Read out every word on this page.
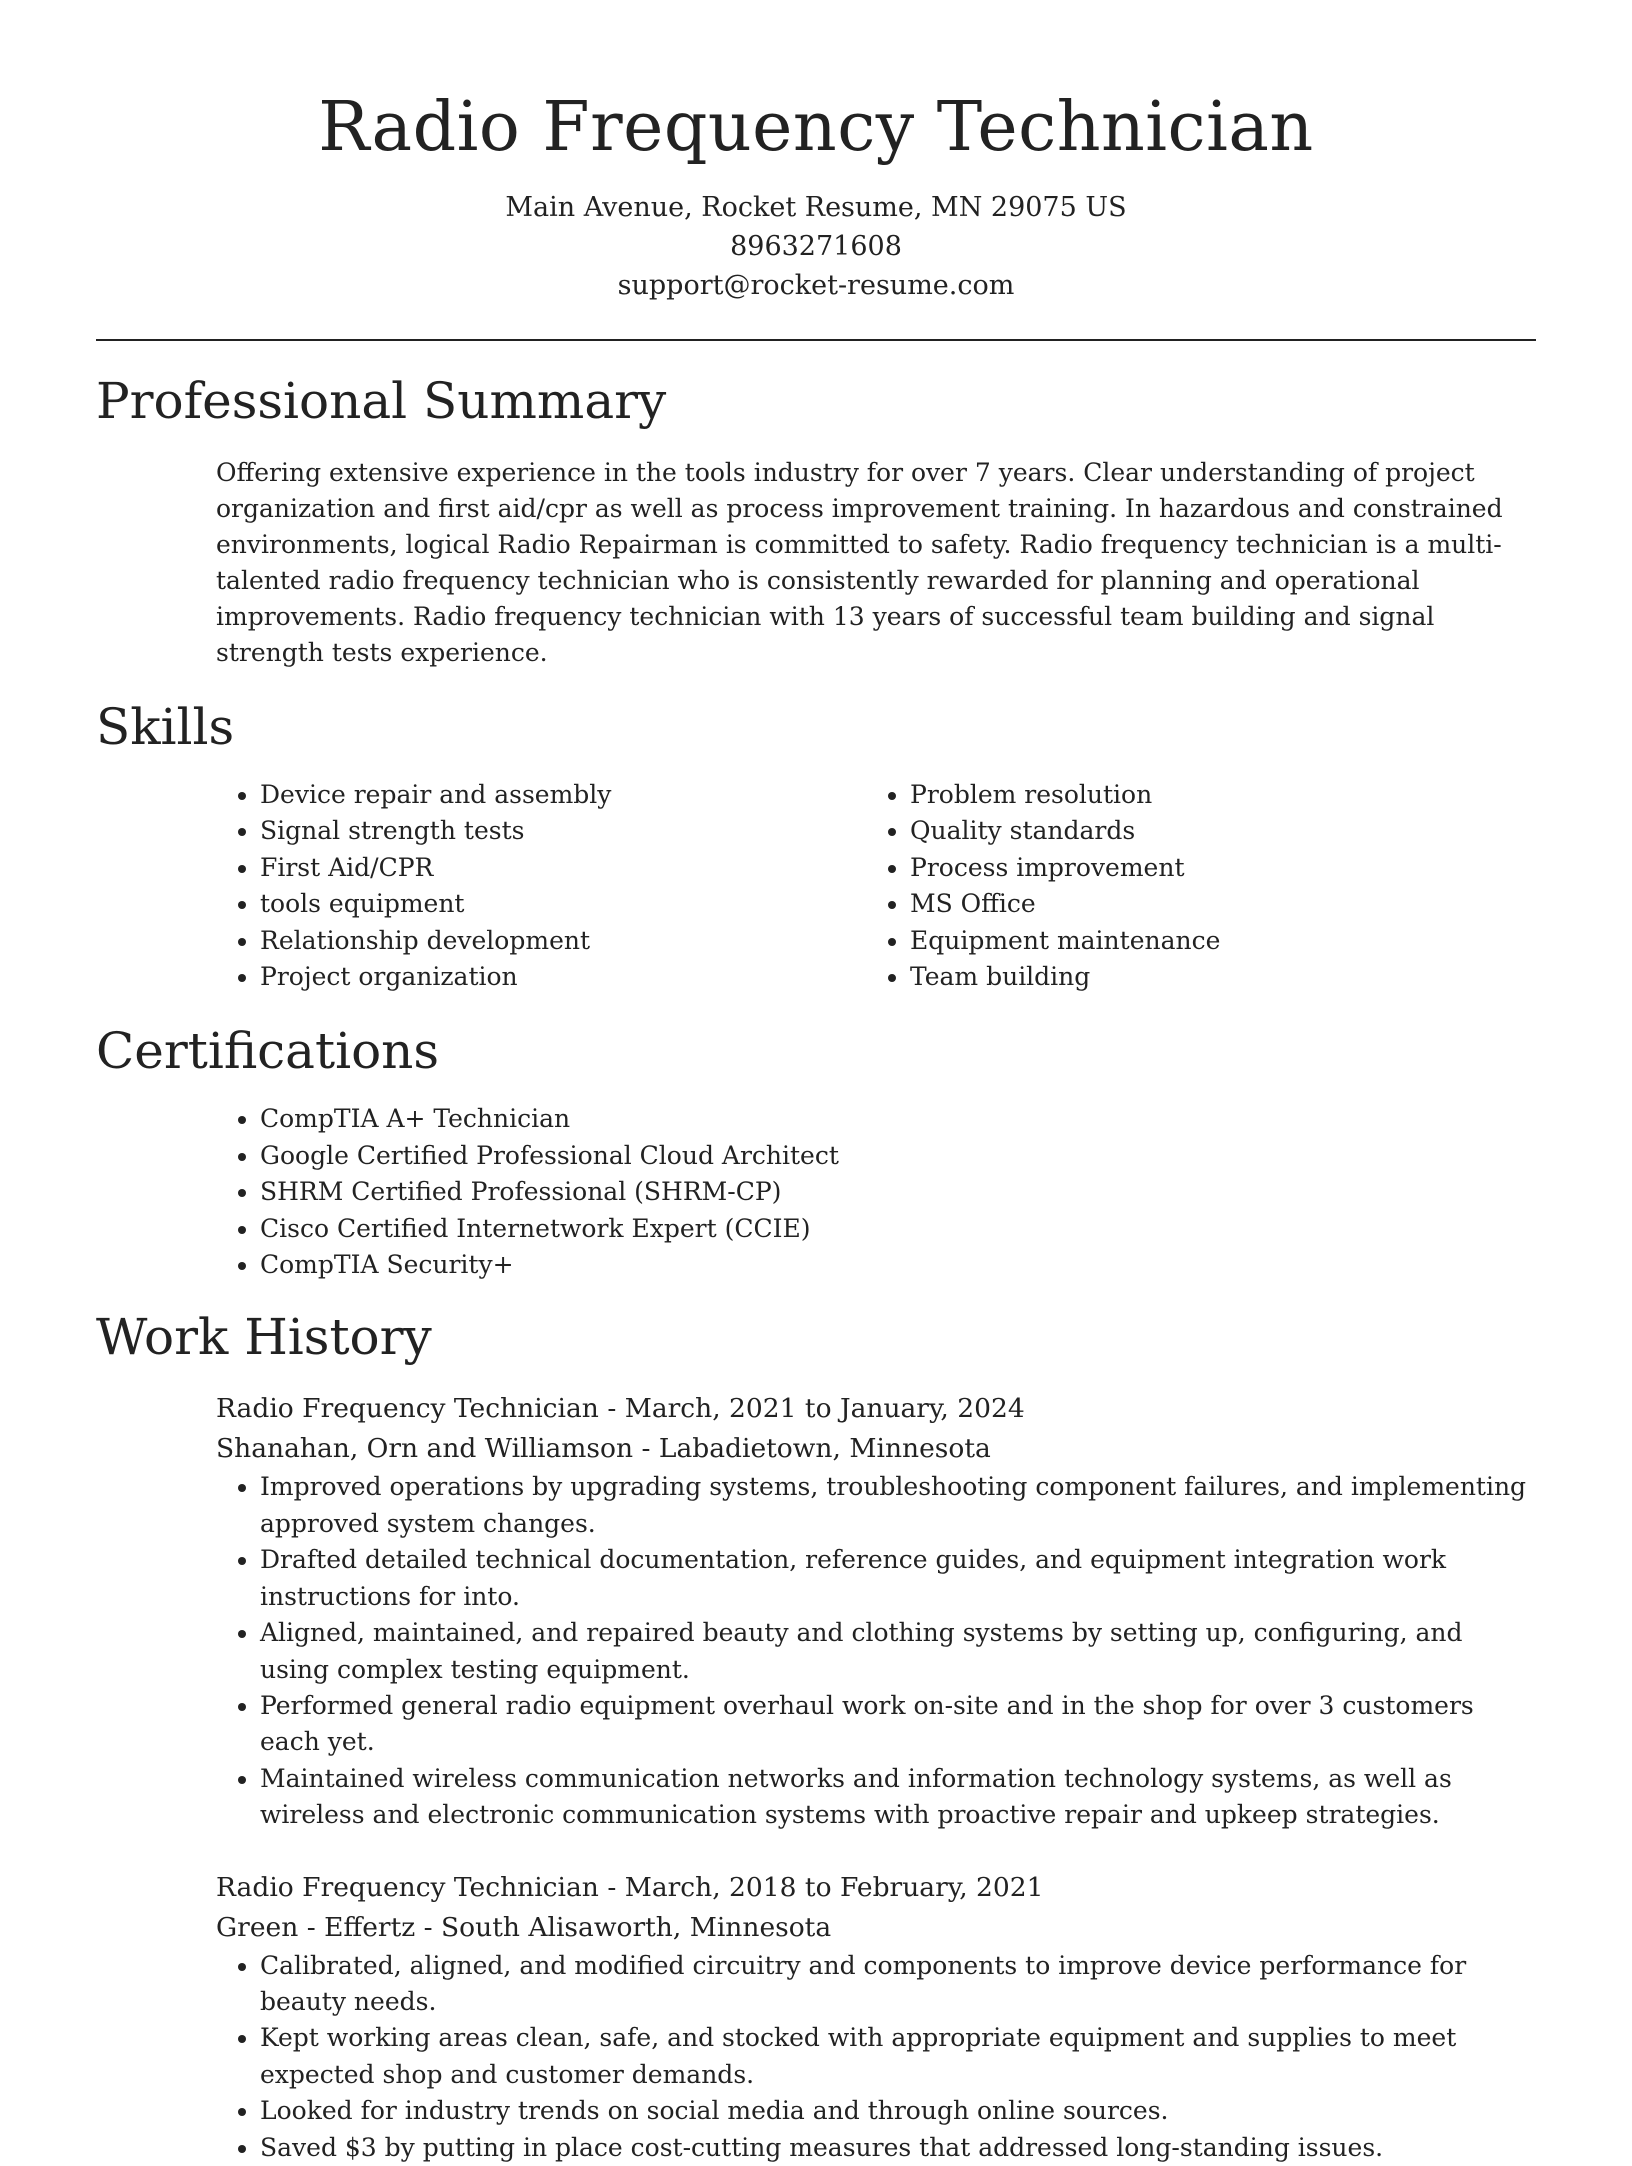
Radio Frequency Technician
Main Avenue, Rocket Resume, MN 29075 US
8963271608
support@rocket-resume.com
Professional Summary

Offering extensive experience in the tools industry for over 7 years. Clear understanding of project organization and first aid/cpr as well as process improvement training. In hazardous and constrained environments, logical Radio Repairman is committed to safety. Radio frequency technician is a multi-talented radio frequency technician who is consistently rewarded for planning and operational improvements. Radio frequency technician with 13 years of successful team building and signal strength tests experience.

Skills
• Device repair and assembly
• Signal strength tests
• First Aid/CPR
• tools equipment
• Relationship development
• Project organization
• Problem resolution
• Quality standards
• Process improvement
• MS Office
• Equipment maintenance
• Team building
Certifications
• CompTIA A+ Technician
• Google Certified Professional Cloud Architect
• SHRM Certified Professional (SHRM-CP)
• Cisco Certified Internetwork Expert (CCIE)
• CompTIA Security+
Work History
Radio Frequency Technician - March, 2021 to January, 2024
Shanahan, Orn and Williamson - Labadietown, Minnesota
• Improved operations by upgrading systems, troubleshooting component failures, and implementing approved system changes.
• Drafted detailed technical documentation, reference guides, and equipment integration work instructions for into.
• Aligned, maintained, and repaired beauty and clothing systems by setting up, configuring, and using complex testing equipment.
• Performed general radio equipment overhaul work on-site and in the shop for over 3 customers each yet.
• Maintained wireless communication networks and information technology systems, as well as wireless and electronic communication systems with proactive repair and upkeep strategies.
Radio Frequency Technician - March, 2018 to February, 2021
Green - Effertz - South Alisaworth, Minnesota
• Calibrated, aligned, and modified circuitry and components to improve device performance for beauty needs.
• Kept working areas clean, safe, and stocked with appropriate equipment and supplies to meet expected shop and customer demands.
• Looked for industry trends on social media and through online sources.
• Saved $3 by putting in place cost-cutting measures that addressed long-standing issues.
